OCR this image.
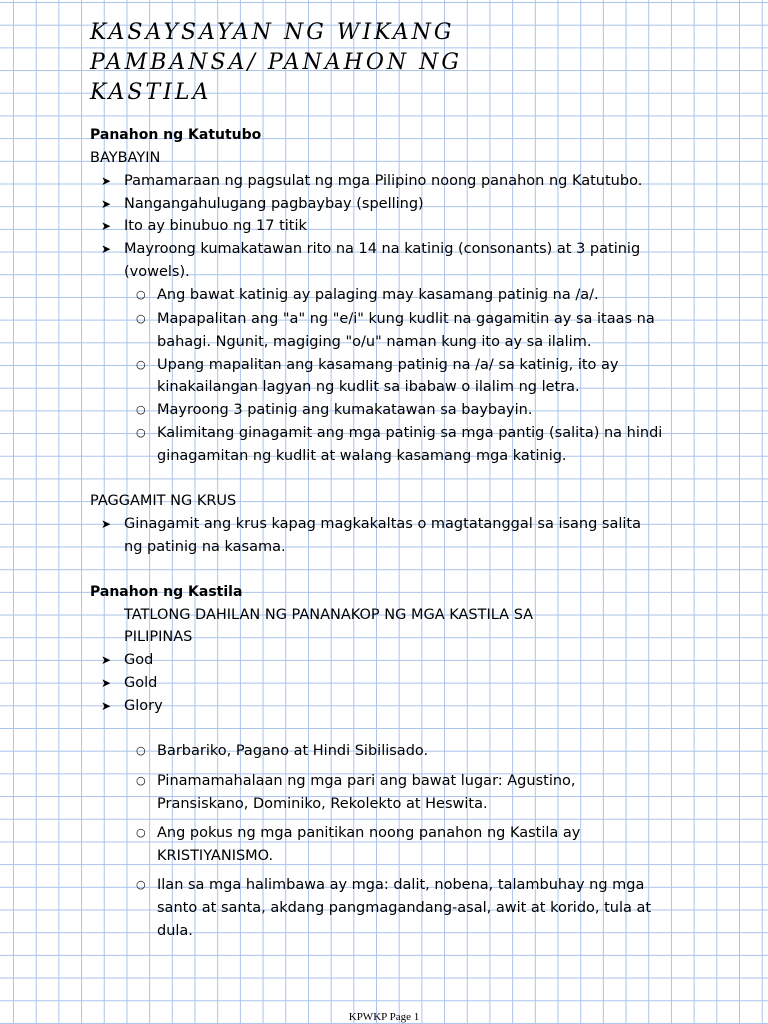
KASAYSAYAN NG WIKANG
PAMBANSA/ PANAHON NG
KASTILA
Panahon ng Katutubo
BAYBAYIN
➤ Pamamaraan ng pagsulat ng mga Pilipino noong panahon ng Katutubo.
➤ Nangangahulugang pagbaybay (spelling)
➤ Ito ay binubuo ng 17 titik
➤ Mayroong kumakatawan rito na 14 na katinig (consonants) at 3 patinig
(vowels).
○ Ang bawat katinig ay palaging may kasamang patinig na /a/.
○ Mapapalitan ang "a" ng "e/i" kung kudlit na gagamitin ay sa itaas na
bahagi. Ngunit, magiging "o/u" naman kung ito ay sa ilalim.
○ Upang mapalitan ang kasamang patinig na /a/ sa katinig, ito ay
kinakailangan lagyan ng kudlit sa ibabaw o ilalim ng letra.
○ Mayroong 3 patinig ang kumakatawan sa baybayin.
○ Kalimitang ginagamit ang mga patinig sa mga pantig (salita) na hindi
ginagamitan ng kudlit at walang kasamang mga katinig.
PAGGAMIT NG KRUS
➤ Ginagamit ang krus kapag magkakaltas o magtatanggal sa isang salita
ng patinig na kasama.
Panahon ng Kastila
TATLONG DAHILAN NG PANANAKOP NG MGA KASTILA SA
PILIPINAS
➤ God
➤ Gold
➤ Glory
○ Barbariko, Pagano at Hindi Sibilisado.
○ Pinamamahalaan ng mga pari ang bawat lugar: Agustino,
Pransiskano, Dominiko, Rekolekto at Heswita.
○ Ang pokus ng mga panitikan noong panahon ng Kastila ay
KRISTIYANISMO.
○ Ilan sa mga halimbawa ay mga: dalit, nobena, talambuhay ng mga
santo at santa, akdang pangmagandang-asal, awit at korido, tula at
dula.
KPWKP Page 1
